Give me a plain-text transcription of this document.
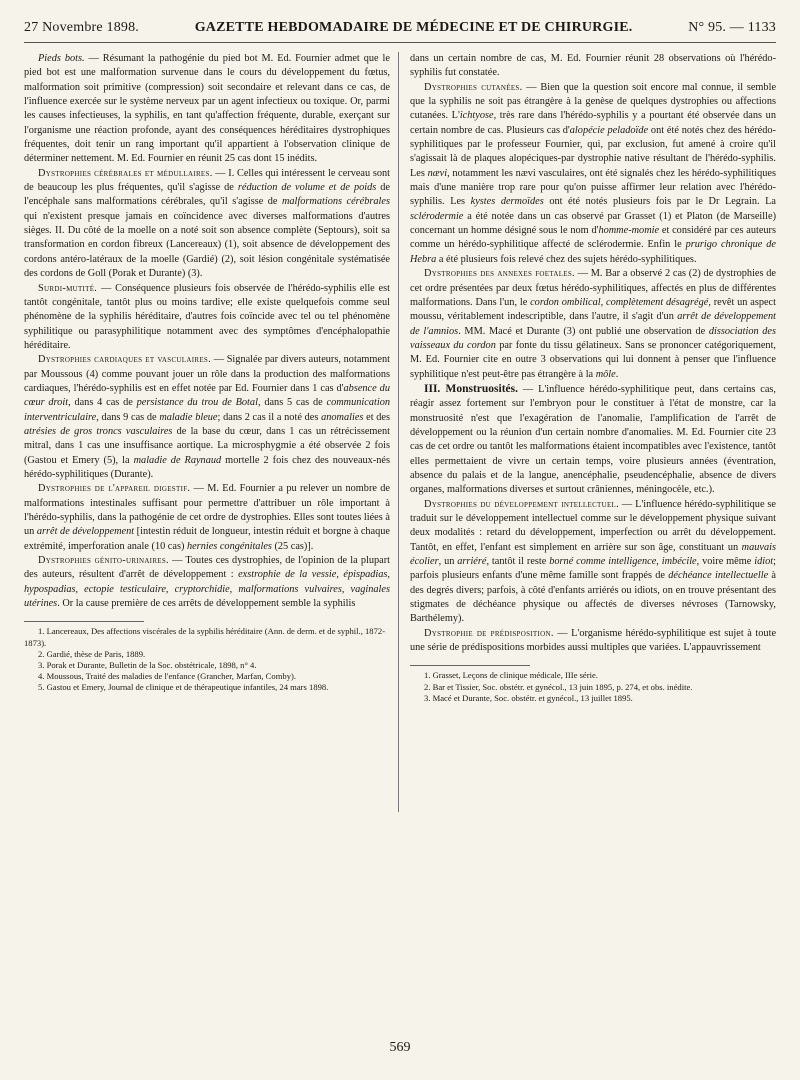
27 Novembre 1898.	GAZETTE HEBDOMADAIRE DE MÉDECINE ET DE CHIRURGIE.	N° 95. — 1133

Pieds bots. — Résumant la pathogénie du pied bot M. Ed. Fournier admet que le pied bot est une malformation survenue dans le cours du développement du fœtus, malformation soit primitive (compression) soit secondaire et relevant dans ce cas, de l'influence exercée sur le système nerveux par un agent infectieux ou toxique. Or, parmi les causes infectieuses, la syphilis, en tant qu'affection fréquente, durable, exerçant sur l'organisme une réaction profonde, ayant des conséquences héréditaires dystrophiques fréquentes, doit tenir un rang important qu'il appartient à l'observation clinique de déterminer nettement. M. Ed. Fournier en réunit 25 cas dont 15 inédits.

Dystrophies cérébrales et médullaires. — I. Celles qui intéressent le cerveau sont de beaucoup les plus fréquentes, qu'il s'agisse de réduction de volume et de poids de l'encéphale sans malformations cérébrales, qu'il s'agisse de malformations cérébrales qui n'existent presque jamais en coïncidence avec diverses malformations d'autres sièges. II. Du côté de la moelle on a noté soit son absence complète (Septours), soit sa transformation en cordon fibreux (Lancereaux) (1), soit absence de développement des cordons antéro-latéraux de la moelle (Gardié) (2), soit lésion congénitale systématisée des cordons de Goll (Porak et Durante) (3).

Surdi-mutité. — Conséquence plusieurs fois observée de l'hérédo-syphilis elle est tantôt congénitale, tantôt plus ou moins tardive; elle existe quelquefois comme seul phénomène de la syphilis héréditaire, d'autres fois coïncide avec tel ou tel phénomène syphilitique ou parasyphilitique notamment avec des symptômes d'encéphalopathie héréditaire.

Dystrophies cardiaques et vasculaires. — Signalée par divers auteurs, notamment par Moussous (4) comme pouvant jouer un rôle dans la production des malformations cardiaques, l'hérédo-syphilis est en effet notée par Ed. Fournier dans 1 cas d'absence du cœur droit, dans 4 cas de persistance du trou de Botal, dans 5 cas de communication interventriculaire, dans 9 cas de maladie bleue; dans 2 cas il a noté des anomalies et des atrésies de gros troncs vasculaires de la base du cœur, dans 1 cas un rétrécissement mitral, dans 1 cas une insuffisance aortique. La microsphygmie a été observée 2 fois (Gastou et Emery (5), la maladie de Raynaud mortelle 2 fois chez des nouveaux-nés hérédo-syphilitiques (Durante).

Dystrophies de l'appareil digestif. — M. Ed. Fournier a pu relever un nombre de malformations intestinales suffisant pour permettre d'attribuer un rôle important à l'hérédo-syphilis, dans la pathogénie de cet ordre de dystrophies. Elles sont toutes liées à un arrêt de développement [intestin réduit de longueur, intestin réduit et borgne à chaque extrémité, imperforation anale (10 cas) hernies congénitales (25 cas)].

Dystrophies génito-urinaires. — Toutes ces dystrophies, de l'opinion de la plupart des auteurs, résultent d'arrêt de développement : exstrophie de la vessie, épispadias, hypospadias, ectopie testiculaire, cryptorchidie, malformations vulvaires, vaginales utérines. Or la cause première de ces arrêts de développement semble la syphilis

1. Lancereaux, Des affections viscérales de la syphilis héréditaire (Ann. de derm. et de syphil., 1872-1873).

2. Gardié, thèse de Paris, 1889.

3. Porak et Durante, Bulletin de la Soc. obstétricale, 1898, n° 4.

4. Moussous, Traité des maladies de l'enfance (Grancher, Marfan, Comby).

5. Gastou et Emery, Journal de clinique et de thérapeutique infantiles, 24 mars 1898.

dans un certain nombre de cas, M. Ed. Fournier réunit 28 observations où l'hérédo-syphilis fut constatée.

Dystrophies cutanées. — Bien que la question soit encore mal connue, il semble que la syphilis ne soit pas étrangère à la genèse de quelques dystrophies ou affections cutanées. L'ichtyose, très rare dans l'hérédo-syphilis y a pourtant été observée dans un certain nombre de cas. Plusieurs cas d'alopécie peladoïde ont été notés chez des hérédo-syphilitiques par le professeur Fournier, qui, par exclusion, fut amené à croire qu'il s'agissait là de plaques alopéciques-par dystrophie native résultant de l'hérédo-syphilis. Les nævi, notamment les nævi vasculaires, ont été signalés chez les hérédo-syphilitiques mais d'une manière trop rare pour qu'on puisse affirmer leur relation avec l'hérédo-syphilis. Les kystes dermoïdes ont été notés plusieurs fois par le Dr Legrain. La sclérodermie a été notée dans un cas observé par Grasset (1) et Platon (de Marseille) concernant un homme désigné sous le nom d'homme-momie et considéré par ces auteurs comme un hérédo-syphilitique affecté de sclérodermie. Enfin le prurigo chronique de Hebra a été plusieurs fois relevé chez des sujets hérédo-syphilitiques.

Dystrophies des annexes foetales. — M. Bar a observé 2 cas (2) de dystrophies de cet ordre présentées par deux fœtus hérédo-syphilitiques, affectés en plus de différentes malformations. Dans l'un, le cordon ombilical, complètement désagrégé, revêt un aspect moussu, véritablement indescriptible, dans l'autre, il s'agit d'un arrêt de développement de l'amnios. MM. Macé et Durante (3) ont publié une observation de dissociation des vaisseaux du cordon par fonte du tissu gélatineux. Sans se prononcer catégoriquement, M. Ed. Fournier cite en outre 3 observations qui lui donnent à penser que l'influence syphilitique n'est peut-être pas étrangère à la môle.

III. Monstruosités. — L'influence hérédo-syphilitique peut, dans certains cas, réagir assez fortement sur l'embryon pour le constituer à l'état de monstre, car la monstruosité n'est que l'exagération de l'anomalie, l'amplification de l'arrêt de développement ou la réunion d'un certain nombre d'anomalies. M. Ed. Fournier cite 23 cas de cet ordre ou tantôt les malformations étaient incompatibles avec l'existence, tantôt elles permettaient de vivre un certain temps, voire plusieurs années (éventration, absence du palais et de la langue, anencéphalie, pseudencéphalie, absence de divers organes, malformations diverses et surtout crâniennes, méningocèle, etc.).

Dystrophies du développement intellectuel. — L'influence hérédo-syphilitique se traduit sur le développement intellectuel comme sur le développement physique suivant deux modalités : retard du développement, imperfection ou arrêt du développement. Tantôt, en effet, l'enfant est simplement en arrière sur son âge, constituant un mauvais écolier, un arriéré, tantôt il reste borné comme intelligence, imbécile, voire même idiot; parfois plusieurs enfants d'une même famille sont frappés de déchéance intellectuelle à des degrés divers; parfois, à côté d'enfants arriérés ou idiots, on en trouve présentant des stigmates de déchéance physique ou affectés de diverses névroses (Tarnowsky, Barthélemy).

Dystrophie de prédisposition. — L'organisme hérédo-syphilitique est sujet à toute une série de prédispositions morbides aussi multiples que variées. L'appauvrissement

1. Grasset, Leçons de clinique médicale, IIIe série.

2. Bar et Tissier, Soc. obstétr. et gynécol., 13 juin 1895, p. 274, et obs. inédite.

3. Macé et Durante, Soc. obstétr. et gynécol., 13 juillet 1895.

569
